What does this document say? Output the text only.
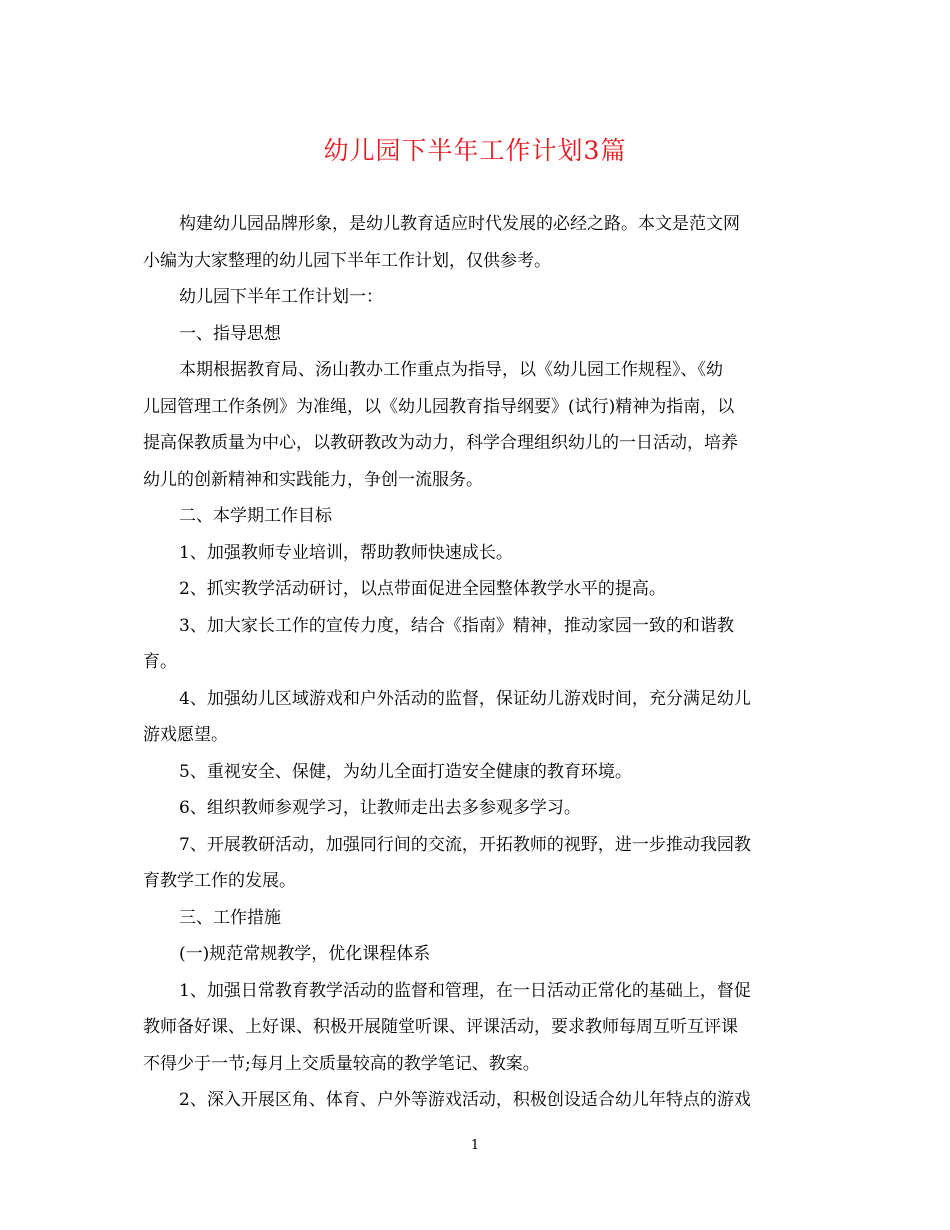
幼儿园下半年工作计划3篇
构建幼儿园品牌形象，是幼儿教育适应时代发展的必经之路。本文是范文网
小编为大家整理的幼儿园下半年工作计划，仅供参考。
幼儿园下半年工作计划一：
一、指导思想
本期根据教育局、汤山教办工作重点为指导，以《幼儿园工作规程》、《幼
儿园管理工作条例》为准绳，以《幼儿园教育指导纲要》(试行)精神为指南，以
提高保教质量为中心，以教研教改为动力，科学合理组织幼儿的一日活动，培养
幼儿的创新精神和实践能力，争创一流服务。
二、本学期工作目标
1、加强教师专业培训，帮助教师快速成长。
2、抓实教学活动研讨，以点带面促进全园整体教学水平的提高。
3、加大家长工作的宣传力度，结合《指南》精神，推动家园一致的和谐教
育。
4、加强幼儿区域游戏和户外活动的监督，保证幼儿游戏时间，充分满足幼儿
游戏愿望。
5、重视安全、保健，为幼儿全面打造安全健康的教育环境。
6、组织教师参观学习，让教师走出去多参观多学习。
7、开展教研活动，加强同行间的交流，开拓教师的视野，进一步推动我园教
育教学工作的发展。
三、工作措施
(一)规范常规教学，优化课程体系
1、加强日常教育教学活动的监督和管理，在一日活动正常化的基础上，督促
教师备好课、上好课、积极开展随堂听课、评课活动，要求教师每周互听互评课
不得少于一节;每月上交质量较高的教学笔记、教案。
2、深入开展区角、体育、户外等游戏活动，积极创设适合幼儿年特点的游戏
1
